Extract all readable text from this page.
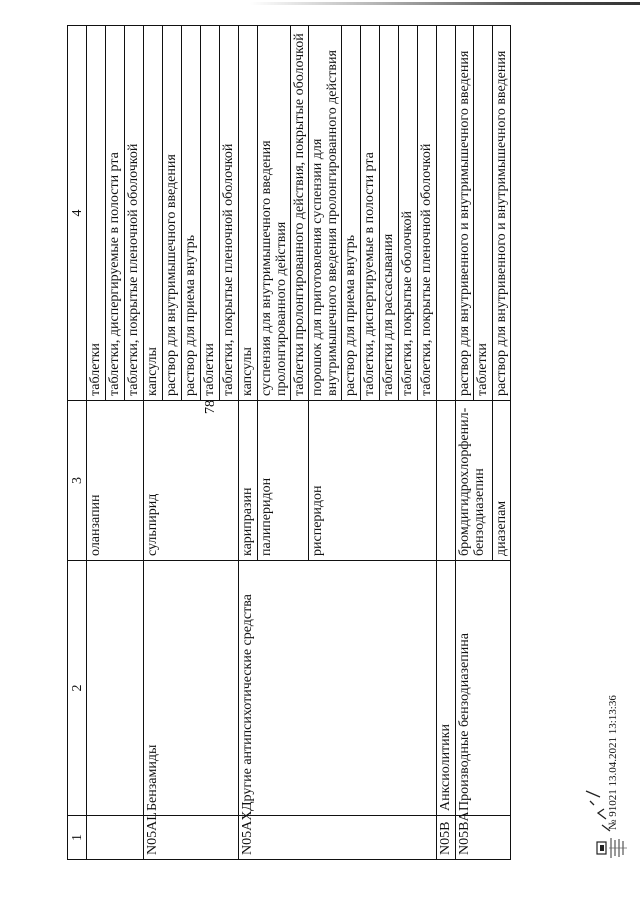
78
1	2	3	4
		оланзапин	таблетки
			таблетки, диспергируемые в полости рта
			таблетки, покрытые пленочной оболочкой
N05AL	Бензамиды	сульпирид	капсулы
			раствор для внутримышечного введения
			раствор для приема внутрь
			таблетки
			таблетки, покрытые пленочной оболочкой
N05AX	Другие антипсихотические средства	карипразин	капсулы
		палиперидон	суспензия для внутримышечного введения пролонгированного действия
			таблетки пролонгированного действия, покрытые оболочкой
		рисперидон	порошок для приготовления суспензии для внутримышечного введения пролонгированного действия
			раствор для приема внутрь
			таблетки, диспергируемые в полости рта
			таблетки для рассасывания
			таблетки, покрытые оболочкой
			таблетки, покрытые пленочной оболочкой
N05B	Анксиолитики		
N05BA	Производные бензодиазепина	бромдигидрохлорфенил-бензодиазепин	раствор для внутривенного и внутримышечного введения
			таблетки
		диазепам	раствор для внутривенного и внутримышечного введения
№ 91021 13.04.2021 13:13:36
